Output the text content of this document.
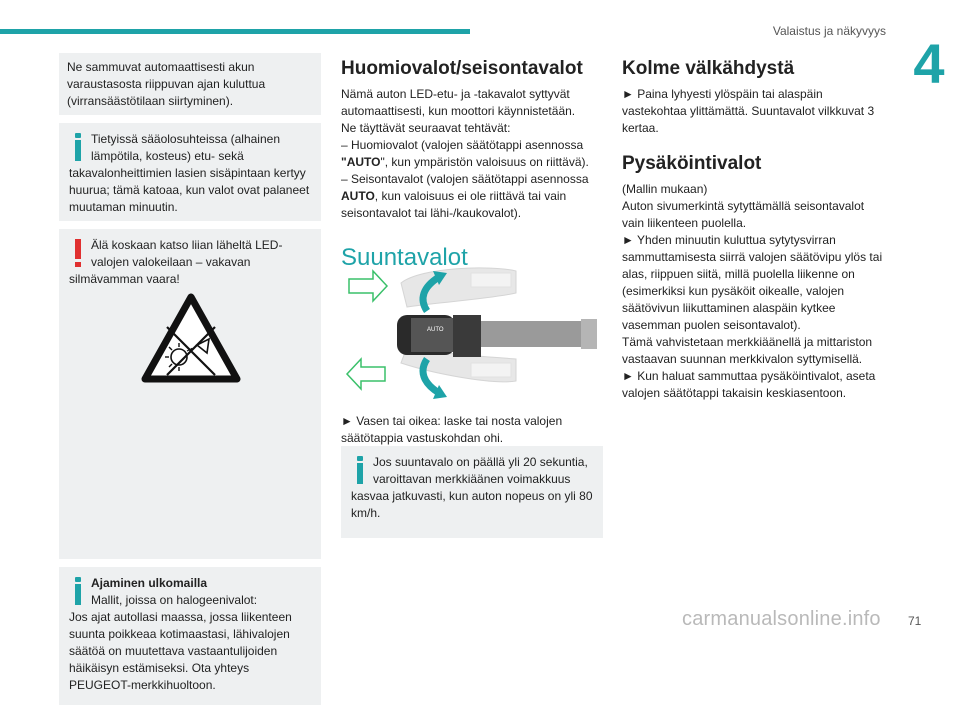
Valaistus ja näkyvyys
4

Ne sammuvat automaattisesti akun varaustasosta riippuvan ajan kuluttua (virransäästötilaan siirtyminen).

Tietyissä sääolosuhteissa (alhainen lämpötila, kosteus) etu- sekä

takavalonheittimien lasien sisäpintaan kertyy huurua; tämä katoaa, kun valot ovat palaneet muutaman minuutin.

Älä koskaan katso liian läheltä LED-valojen valokeilaan – vakavan

silmävamman vaara!

Ajaminen ulkomailla

Mallit, joissa on halogeenivalot:

Jos ajat autollasi maassa, jossa liikenteen suunta poikkeaa kotimaastasi, lähivalojen säätöä on muutettava vastaantulijoiden häikäisyn estämiseksi. Ota yhteys PEUGEOT-merkkihuoltoon.

Huomiovalot/seisontavalot

Nämä auton LED-etu- ja -takavalot syttyvät automaattisesti, kun moottori käynnistetään.

Ne täyttävät seuraavat tehtävät:

– Huomiovalot (valojen säätötappi asennossa "AUTO", kun ympäristön valoisuus on riittävä).

– Seisontavalot (valojen säätötappi asennossa AUTO, kun valoisuus ei ole riittävä tai vain seisontavalot tai lähi-/kaukovalot).

Suuntavalot
AUTO
► Vasen tai oikea: laske tai nosta valojen säätötappia vastuskohdan ohi.

Jos suuntavalo on päällä yli 20 sekuntia, varoittavan merkkiäänen voimakkuus

kasvaa jatkuvasti, kun auton nopeus on yli 80 km/h.

Kolme välkähdystä
► Paina lyhyesti ylöspäin tai alaspäin vastekohtaa ylittämättä. Suuntavalot vilkkuvat 3 kertaa.
Pysäköintivalot

(Mallin mukaan)

Auton sivumerkintä sytyttämällä seisontavalot vain liikenteen puolella.

► Yhden minuutin kuluttua sytytysvirran sammuttamisesta siirrä valojen säätövipu ylös tai alas, riippuen siitä, millä puolella liikenne on (esimerkiksi kun pysäköit oikealle, valojen säätövivun liikuttaminen alaspäin kytkee vasemman puolen seisontavalot).

Tämä vahvistetaan merkkiäänellä ja mittariston vastaavan suunnan merkkivalon syttymisellä.

► Kun haluat sammuttaa pysäköintivalot, aseta valojen säätötappi takaisin keskiasentoon.

carmanualsonline.info 71
